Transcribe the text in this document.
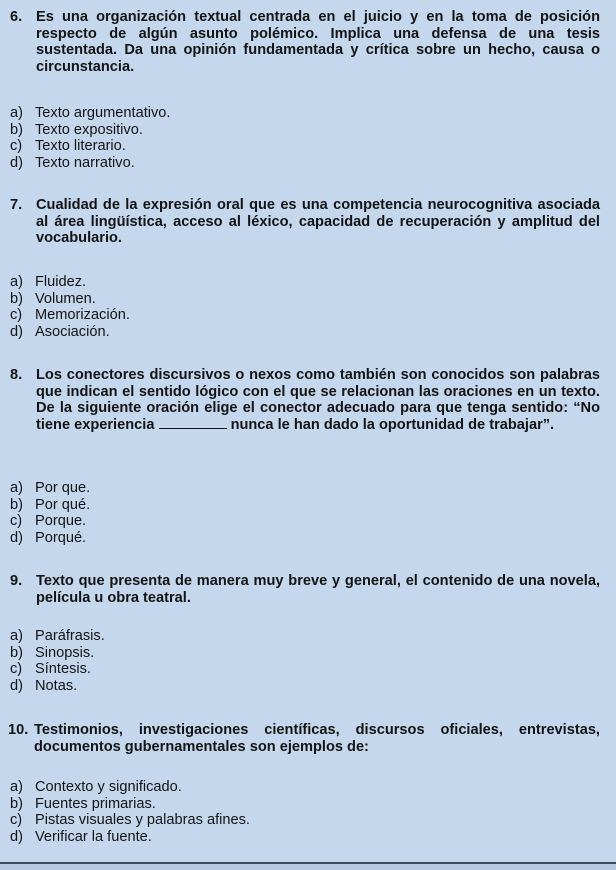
6. Es una organización textual centrada en el juicio y en la toma de posición respecto de algún asunto polémico. Implica una defensa de una tesis sustentada. Da una opinión fundamentada y crítica sobre un hecho, causa o circunstancia.

a) Texto argumentativo.
b) Texto expositivo.
c) Texto literario.
d) Texto narrativo.

7. Cualidad de la expresión oral que es una competencia neurocognitiva asociada al área lingüística, acceso al léxico, capacidad de recuperación y amplitud del vocabulario.

a) Fluidez.
b) Volumen.
c) Memorización.
d) Asociación.

8. Los conectores discursivos o nexos como también son conocidos son palabras que indican el sentido lógico con el que se relacionan las oraciones en un texto. De la siguiente oración elige el conector adecuado para que tenga sentido: “No tiene experiencia	nunca le han dado la oportunidad de trabajar”.

a) Por que.
b) Por qué.
c) Porque.
d) Porqué.

9. Texto que presenta de manera muy breve y general, el contenido de una novela, película u obra teatral.

a) Paráfrasis.
b) Sinopsis.
c) Síntesis.
d) Notas.

10. Testimonios, investigaciones científicas, discursos oficiales, entrevistas, documentos gubernamentales son ejemplos de:

a) Contexto y significado.
b) Fuentes primarias.
c) Pistas visuales y palabras afines.
d) Verificar la fuente.
